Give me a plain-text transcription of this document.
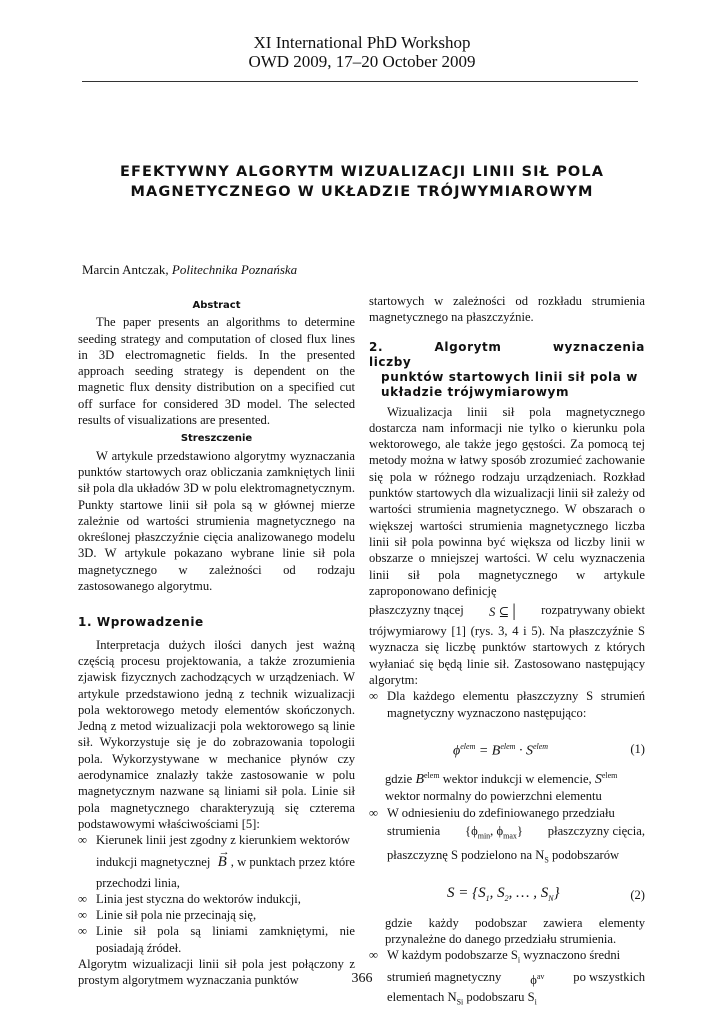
XI International PhD Workshop
OWD 2009, 17–20 October 2009
EFEKTYWNY ALGORYTM WIZUALIZACJI LINII SIŁ POLA
MAGNETYCZNEGO W UKŁADZIE TRÓJWYMIAROWYM
Marcin Antczak, Politechnika Poznańska
Abstract

The paper presents an algorithms to determine seeding strategy and computation of closed flux lines in 3D electromagnetic fields. In the presented approach seeding strategy is dependent on the magnetic flux density distribution on a specified cut off surface for considered 3D model. The selected results of visualizations are presented.

Streszczenie

W artykule przedstawiono algorytmy wyznaczania punktów startowych oraz obliczania zamkniętych linii sił pola dla układów 3D w polu elektromagnetycznym. Punkty startowe linii sił pola są w głównej mierze zależnie od wartości strumienia magnetycznego na określonej płaszczyźnie cięcia analizowanego modelu 3D. W artykule pokazano wybrane linie sił pola magnetycznego w zależności od rodzaju zastosowanego algorytmu.

1. Wprowadzenie

Interpretacja dużych ilości danych jest ważną częścią procesu projektowania, a także zrozumienia zjawisk fizycznych zachodzących w urządzeniach. W artykule przedstawiono jedną z technik wizualizacji pola wektorowego metody elementów skończonych. Jedną z metod wizualizacji pola wektorowego są linie sił. Wykorzystuje się je do zobrazowania topologii pola. Wykorzystywane w mechanice płynów czy aerodynamice znalazły także zastosowanie w polu magnetycznym nazwane są liniami sił pola. Linie sił pola magnetycznego charakteryzują się czterema podstawowymi właściwościami [5]:

∞ Kierunek linii jest zgodny z kierunkiem wektorów
indukcji magnetycznej
→
B , w punktach przez które przechodzi linia,
∞ Linia jest styczna do wektorów indukcji,
∞ Linie sił pola nie przecinają się,
∞ Linie sił pola są liniami zamkniętymi, nie posiadają źródeł.

Algorytm wizualizacji linii sił pola jest połączony z prostym algorytmem wyznaczania punktów

startowych w zależności od rozkładu strumienia magnetycznego na płaszczyźnie.

2. Algorytm wyznaczenia liczby
punktów startowych linii sił pola w
układzie trójwymiarowym

Wizualizacja linii sił pola magnetycznego dostarcza nam informacji nie tylko o kierunku pola wektorowego, ale także jego gęstości. Za pomocą tej metody można w łatwy sposób zrozumieć zachowanie się pola w różnego rodzaju urządzeniach. Rozkład punktów startowych dla wizualizacji linii sił zależy od wartości strumienia magnetycznego. W obszarach o większej wartości strumienia magnetycznego liczba linii sił pola powinna być większa od liczby linii w obszarze o mniejszej wartości. W celu wyznaczenia linii sił pola magnetycznego w artykule zaproponowano definicję

płaszczyzny tnącej S ⊆ | rozpatrywany obiekt

trójwymiarowy [1] (rys. 3, 4 i 5). Na płaszczyźnie S wyznacza się liczbę punktów startowych z których wyłaniać się będą linie sił. Zastosowano następujący algorytm:

∞ Dla każdego elementu płaszczyzny S strumień magnetyczny wyznaczono następująco:
$\phi^{elem} = B^{elem} \cdot S^{elem}$	(1)
gdzie $B^{elem}$ wektor indukcji w elemencie, $S^{elem}$
wektor normalny do powierzchni elementu
∞ W odniesieniu do zdefiniowanego przedziału

strumienia {$\phi_{min}$, $\phi_{max}$} płaszczyzny cięcia,
płaszczyznę S podzielono na $N_S$ podobszarów
$S = \{S_1$, $S_2$, … , $S_N$}	(2)

gdzie każdy podobszar zawiera elementy przynależne do danego przedziału strumienia.

∞ W każdym podobszarze $S_i$ wyznaczono średni

strumień magnetyczny $\phi^{av}$ po wszystkich
elementach $N_{Si}$ podobszaru $S_i$
366
